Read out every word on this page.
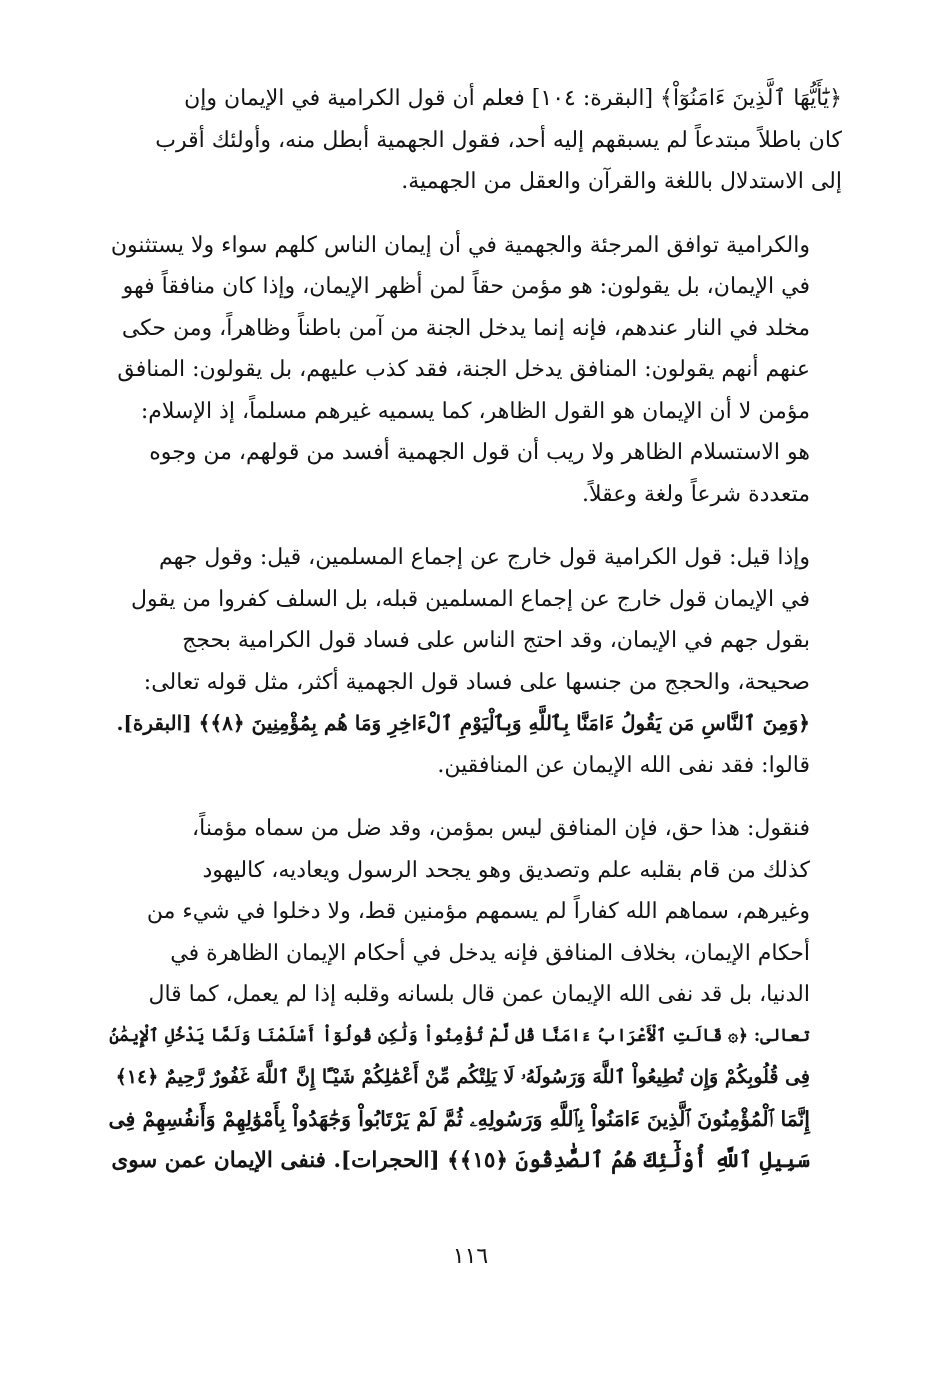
﴿يَٰٓأَيُّهَا ٱلَّذِينَ ءَامَنُوٓاْ﴾ [البقرة: ١٠٤] فعلم أن قول الكرامية في الإيمان وإن
كان باطلاً مبتدعاً لم يسبقهم إليه أحد، فقول الجهمية أبطل منه، وأولئك أقرب
إلى الاستدلال باللغة والقرآن والعقل من الجهمية.

والكرامية توافق المرجئة والجهمية في أن إيمان الناس كلهم سواء ولا يستثنون
في الإيمان، بل يقولون: هو مؤمن حقاً لمن أظهر الإيمان، وإذا كان منافقاً فهو
مخلد في النار عندهم، فإنه إنما يدخل الجنة من آمن باطناً وظاهراً، ومن حكى
عنهم أنهم يقولون: المنافق يدخل الجنة، فقد كذب عليهم، بل يقولون: المنافق
مؤمن لا أن الإيمان هو القول الظاهر، كما يسميه غيرهم مسلماً، إذ الإسلام:
هو الاستسلام الظاهر ولا ريب أن قول الجهمية أفسد من قولهم، من وجوه
متعددة شرعاً ولغة وعقلاً.

وإذا قيل: قول الكرامية قول خارج عن إجماع المسلمين، قيل: وقول جهم
في الإيمان قول خارج عن إجماع المسلمين قبله، بل السلف كفروا من يقول
بقول جهم في الإيمان، وقد احتج الناس على فساد قول الكرامية بحجج
صحيحة، والحجج من جنسها على فساد قول الجهمية أكثر، مثل قوله تعالى:
﴿وَمِنَ ٱلنَّاسِ مَن يَقُولُ ءَامَنَّا بِٱللَّهِ وَبِٱلْيَوْمِ ٱلْءَاخِرِ وَمَا هُم بِمُؤْمِنِينَ ﴿٨﴾﴾ [البقرة].
قالوا: فقد نفى الله الإيمان عن المنافقين.

فنقول: هذا حق، فإن المنافق ليس بمؤمن، وقد ضل من سماه مؤمناً،
كذلك من قام بقلبه علم وتصديق وهو يجحد الرسول ويعاديه، كاليهود
وغيرهم، سماهم الله كفاراً لم يسمهم مؤمنين قط، ولا دخلوا في شيء من
أحكام الإيمان، بخلاف المنافق فإنه يدخل في أحكام الإيمان الظاهرة في
الدنيا، بل قد نفى الله الإيمان عمن قال بلسانه وقلبه إذا لم يعمل، كما قال
تعالى: ﴿۞ قَالَتِ ٱلْأَعْرَابُ ءَامَنَّا قُل لَّمْ تُؤْمِنُواْ وَلَٰكِن قُولُوٓاْ أَسْلَمْنَا وَلَمَّا يَدْخُلِ ٱلْإِيمَٰنُ
فِى قُلُوبِكُمْ وَإِن تُطِيعُواْ ٱللَّهَ وَرَسُولَهُۥ لَا يَلِتْكُم مِّنْ أَعْمَٰلِكُمْ شَيْـًٔا إِنَّ ٱللَّهَ غَفُورٌ رَّحِيمٌ ﴿١٤﴾
إِنَّمَا ٱلْمُؤْمِنُونَ ٱلَّذِينَ ءَامَنُواْ بِٱللَّهِ وَرَسُولِهِۦ ثُمَّ لَمْ يَرْتَابُواْ وَجَٰهَدُواْ بِأَمْوَٰلِهِمْ وَأَنفُسِهِمْ فِى
سَبِيلِ ٱللَّهِ أُوْلَٰٓئِكَ هُمُ ٱلصَّٰدِقُونَ ﴿١٥﴾﴾ [الحجرات]. فنفى الإيمان عمن سوى

١١٦
